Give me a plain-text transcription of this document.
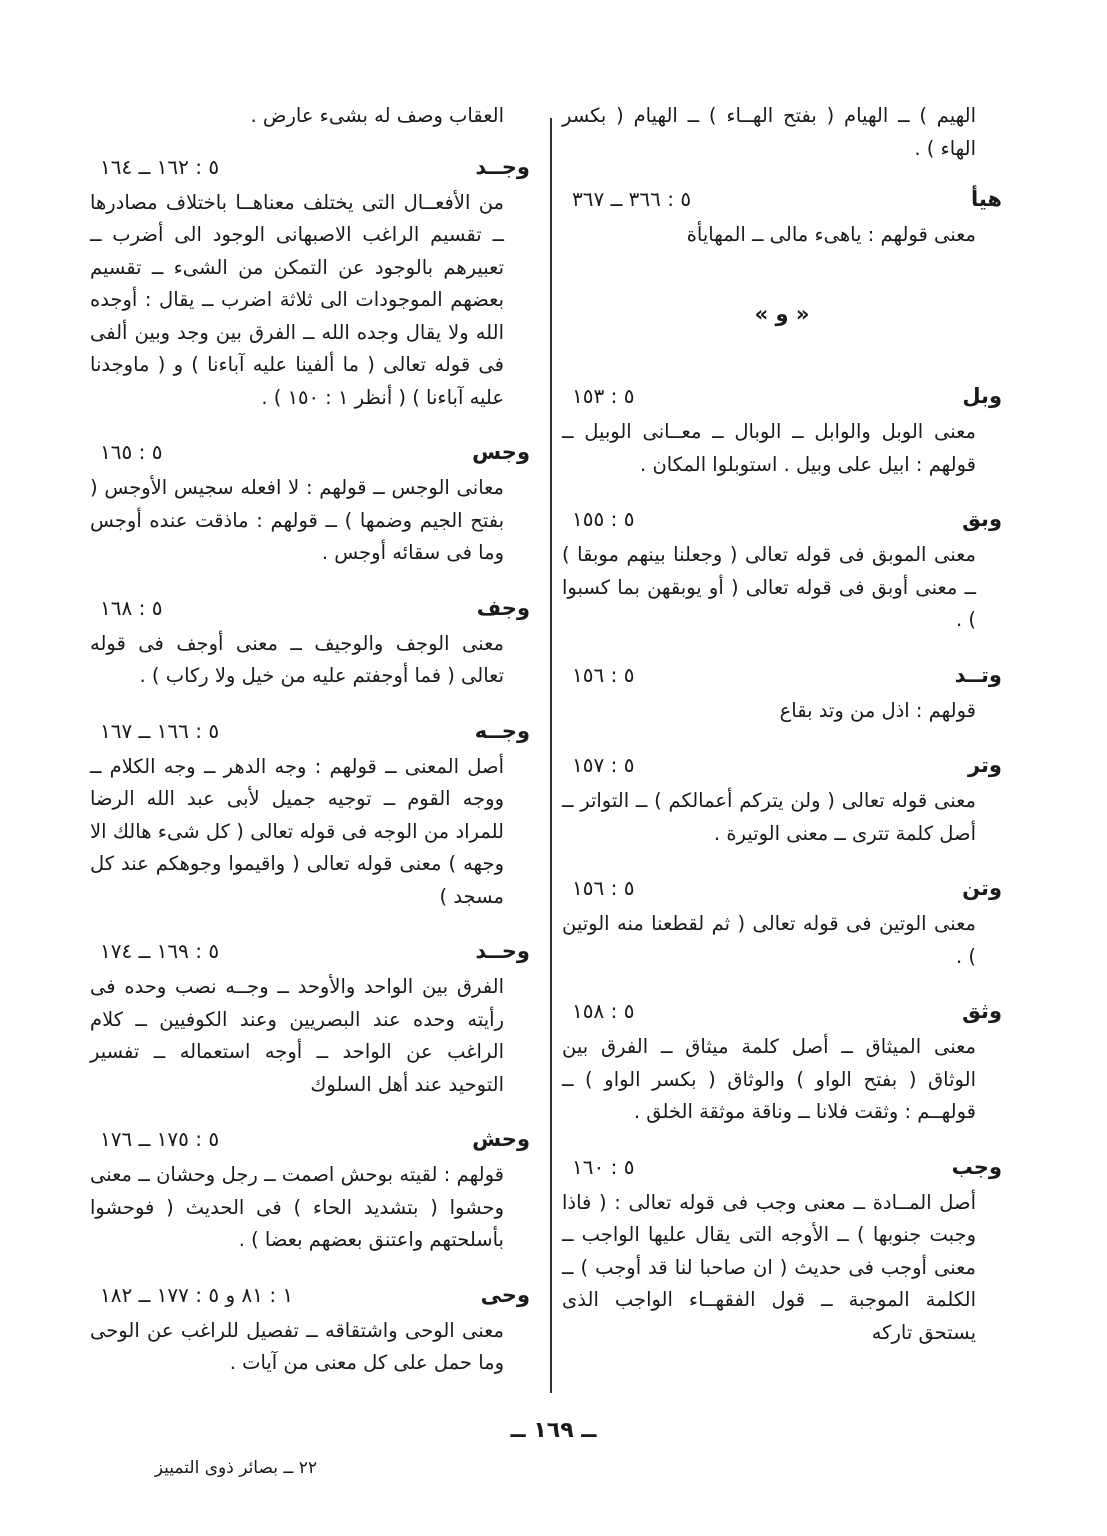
الهيم ) ــ الهيام ( بفتح الهــاء ) ــ الهيام ( بكسر الهاء ) .
هيأ
٥ : ٣٦٦ ــ ٣٦٧
معنى قولهم : ياهىء مالى ــ المهايأة
« و »
وبل
٥ : ١٥٣
معنى الوبل والوابل ــ الوبال ــ معــانى الوبيل ــ قولهم : ابيل على وبيل . استوبلوا المكان .
وبق
٥ : ١٥٥
معنى الموبق فى قوله تعالى ( وجعلنا بينهم موبقا ) ــ معنى أوبق فى قوله تعالى ( أو يوبقهن بما كسبوا ) .
وتــد
٥ : ١٥٦
قولهم : اذل من وتد بقاع
وتر
٥ : ١٥٧
معنى قوله تعالى ( ولن يتركم أعمالكم ) ــ التواتر ــ أصل كلمة تترى ــ معنى الوتيرة .
وتن
٥ : ١٥٦
معنى الوتين فى قوله تعالى ( ثم لقطعنا منه الوتين ) .
وثق
٥ : ١٥٨
معنى الميثاق ــ أصل كلمة ميثاق ــ الفرق بين الوثاق ( بفتح الواو ) والوثاق ( بكسر الواو ) ــ قولهــم : وثقت فلانا ــ وناقة موثقة الخلق .
وجب
٥ : ١٦٠
أصل المــادة ــ معنى وجب فى قوله تعالى : ( فاذا وجبت جنوبها ) ــ الأوجه التى يقال عليها الواجب ــ معنى أوجب فى حديث ( ان صاحبا لنا قد أوجب ) ــ الكلمة الموجبة ــ قول الفقهــاء الواجب الذى يستحق تاركه
العقاب وصف له بشىء عارض .
وجــد
٥ : ١٦٢ ــ ١٦٤
من الأفعــال التى يختلف معناهــا باختلاف مصادرها ــ تقسيم الراغب الاصبهانى الوجود الى أضرب ــ تعبيرهم بالوجود عن التمكن من الشىء ــ تقسيم بعضهم الموجودات الى ثلاثة اضرب ــ يقال : أوجده الله ولا يقال وجده الله ــ الفرق بين وجد وبين ألفى فى قوله تعالى ( ما ألفينا عليه آباءنا ) و ( ماوجدنا عليه آباءنا ) ( أنظر ١ : ١٥٠ ) .
وجس
٥ : ١٦٥
معانى الوجس ــ قولهم : لا افعله سجيس الأوجس ( بفتح الجيم وضمها ) ــ قولهم : ماذقت عنده أوجس وما فى سقائه أوجس .
وجف
٥ : ١٦٨
معنى الوجف والوجيف ــ معنى أوجف فى قوله تعالى ( فما أوجفتم عليه من خيل ولا ركاب ) .
وجــه
٥ : ١٦٦ ــ ١٦٧
أصل المعنى ــ قولهم : وجه الدهر ــ وجه الكلام ــ ووجه القوم ــ توجيه جميل لأبى عبد الله الرضا للمراد من الوجه فى قوله تعالى ( كل شىء هالك الا وجهه ) معنى قوله تعالى ( واقيموا وجوهكم عند كل مسجد )
وحــد
٥ : ١٦٩ ــ ١٧٤
الفرق بين الواحد والأوحد ــ وجــه نصب وحده فى رأيته وحده عند البصريين وعند الكوفيين ــ كلام الراغب عن الواحد ــ أوجه استعماله ــ تفسير التوحيد عند أهل السلوك
وحش
٥ : ١٧٥ ــ ١٧٦
قولهم : لقيته بوحش اصمت ــ رجل وحشان ــ معنى وحشوا ( بتشديد الحاء ) فى الحديث ( فوحشوا بأسلحتهم واعتنق بعضهم بعضا ) .
وحى
١ : ٨١ و ٥ : ١٧٧ ــ ١٨٢
معنى الوحى واشتقاقه ــ تفصيل للراغب عن الوحى وما حمل على كل معنى من آيات .
ــ ١٦٩ ــ
٢٢ ــ بصائر ذوى التمييز
